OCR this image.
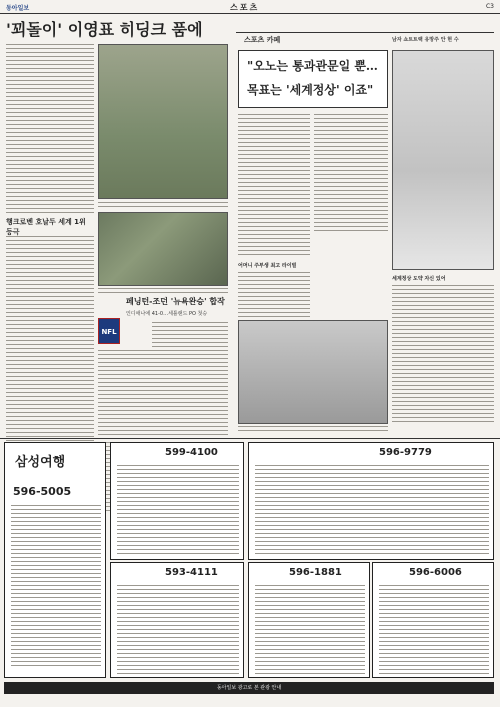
동아일보	스포츠	C3
'꾀돌이' 이영표 히딩크 품에
행크로벤 호날두 세계 1위 등극
페닝턴-조던 '뉴욕완승' 합작
인디애나에 41-0…세틀랜드 PO 첫승
NFL
스포츠 카페	남자 쇼트트랙 유망주 안 현 수
"오노는 통과관문일 뿐…
목표는 '세계정상' 이죠"
어머니 주부생 최고 라이벌
세계정상 도약 자신 있어
삼성여행
596-5005
599-4100
593-4111
596-9779
596-1881	596-6006
동아일보 광고로 본 관광 안내
